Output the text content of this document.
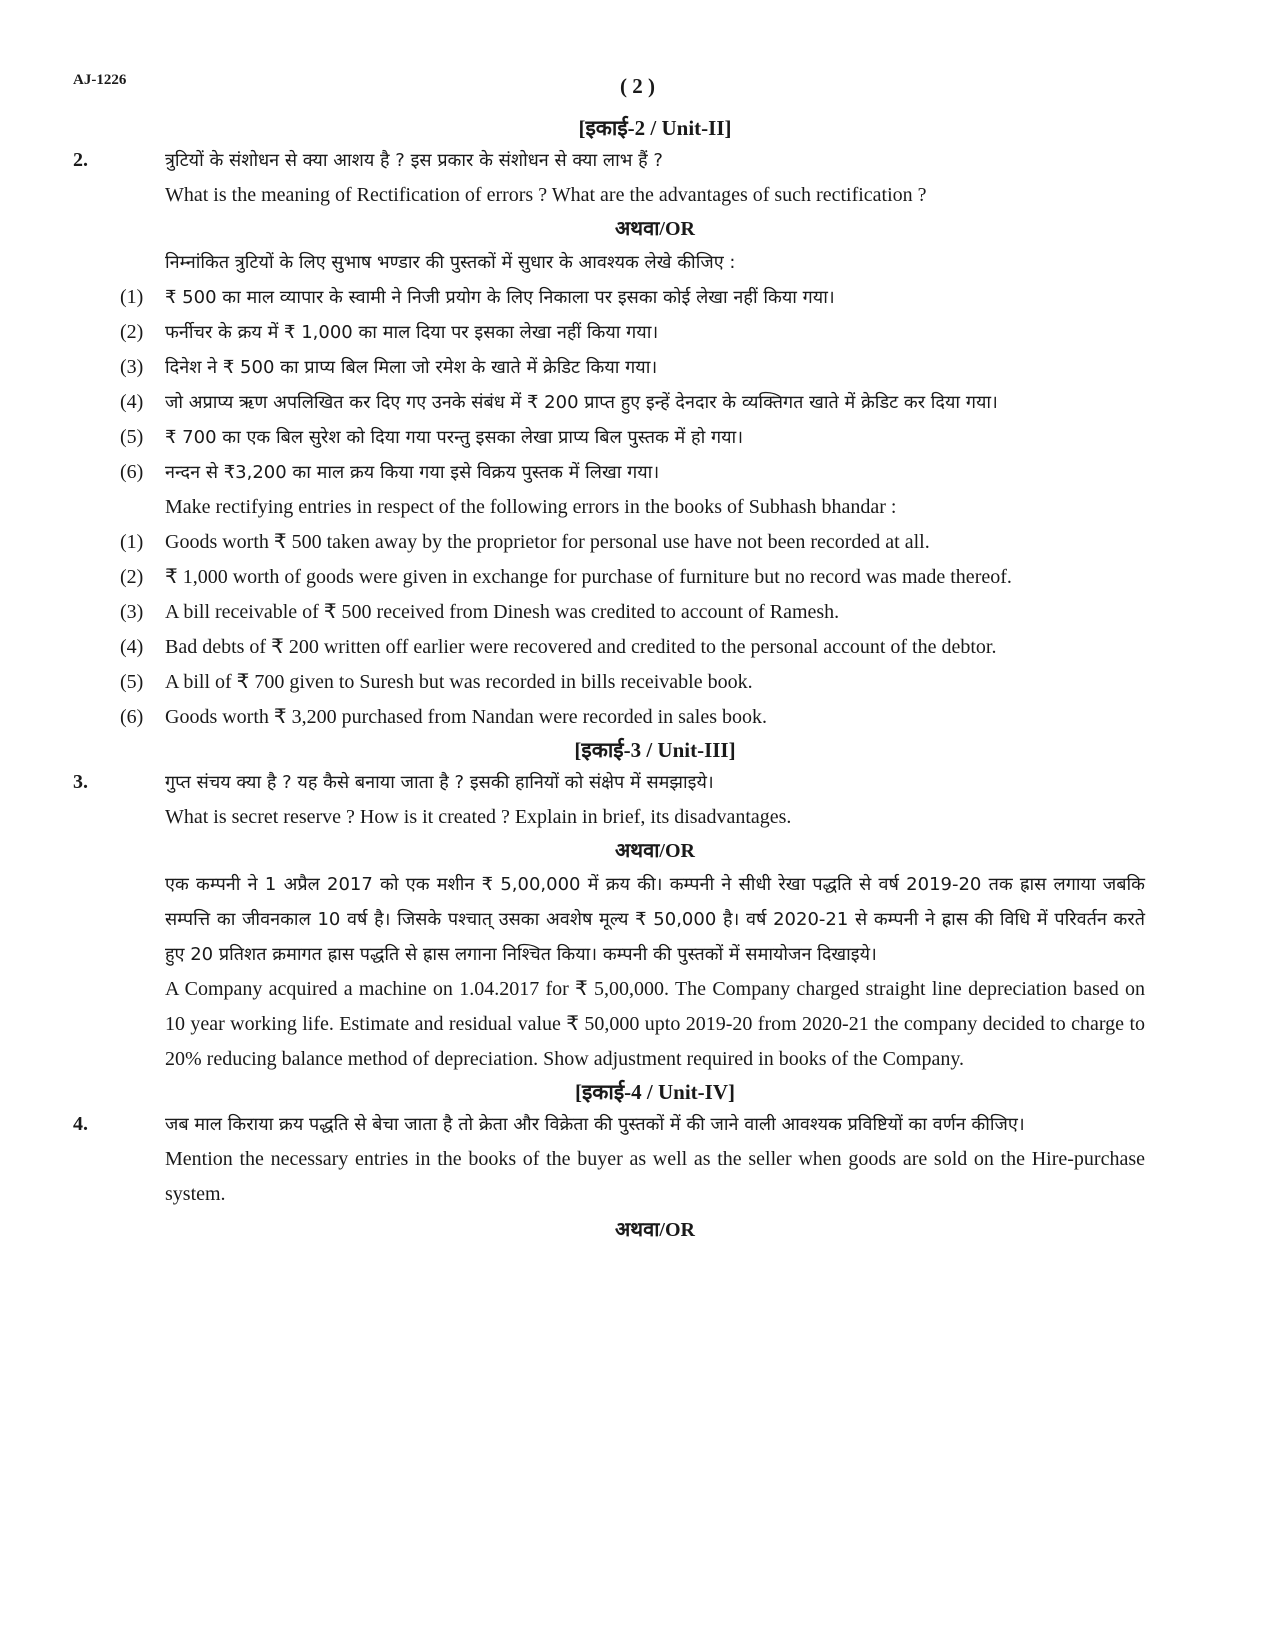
AJ-1226	( 2 )
[इकाई-2 / Unit-II]
2.	त्रुटियों के संशोधन से क्या आशय है ? इस प्रकार के संशोधन से क्या लाभ हैं ?

What is the meaning of Rectification of errors ? What are the advantages of such rectification ?

अथवा/OR

निम्नांकित त्रुटियों के लिए सुभाष भण्डार की पुस्तकों में सुधार के आवश्यक लेखे कीजिए :

(1) ₹ 500 का माल व्यापार के स्वामी ने निजी प्रयोग के लिए निकाला पर इसका कोई लेखा नहीं किया गया।

(2) फर्नीचर के क्रय में ₹ 1,000 का माल दिया पर इसका लेखा नहीं किया गया।

(3) दिनेश ने ₹ 500 का प्राप्य बिल मिला जो रमेश के खाते में क्रेडिट किया गया।

(4) जो अप्राप्य ऋण अपलिखित कर दिए गए उनके संबंध में ₹ 200 प्राप्त हुए इन्हें देनदार के व्यक्तिगत खाते में क्रेडिट कर दिया गया।

(5) ₹ 700 का एक बिल सुरेश को दिया गया परन्तु इसका लेखा प्राप्य बिल पुस्तक में हो गया।

(6) नन्दन से ₹3,200 का माल क्रय किया गया इसे विक्रय पुस्तक में लिखा गया।

Make rectifying entries in respect of the following errors in the books of Subhash bhandar :

(1) Goods worth ₹ 500 taken away by the proprietor for personal use have not been recorded at all.

(2) ₹ 1,000 worth of goods were given in exchange for purchase of furniture but no record was made thereof.

(3) A bill receivable of ₹ 500 received from Dinesh was credited to account of Ramesh.

(4) Bad debts of ₹ 200 written off earlier were recovered and credited to the personal account of the debtor.

(5) A bill of ₹ 700 given to Suresh but was recorded in bills receivable book.

(6) Goods worth ₹ 3,200 purchased from Nandan were recorded in sales book.

[इकाई-3 / Unit-III]
3.	गुप्त संचय क्या है ? यह कैसे बनाया जाता है ? इसकी हानियों को संक्षेप में समझाइये।

What is secret reserve ? How is it created ? Explain in brief, its disadvantages.

अथवा/OR

एक कम्पनी ने 1 अप्रैल 2017 को एक मशीन ₹ 5,00,000 में क्रय की। कम्पनी ने सीधी रेखा पद्धति से वर्ष 2019-20 तक ह्रास लगाया जबकि सम्पत्ति का जीवनकाल 10 वर्ष है। जिसके पश्चात् उसका अवशेष मूल्य ₹ 50,000 है। वर्ष 2020-21 से कम्पनी ने ह्रास की विधि में परिवर्तन करते हुए 20 प्रतिशत क्रमागत ह्रास पद्धति से ह्रास लगाना निश्चित किया। कम्पनी की पुस्तकों में समायोजन दिखाइये।

A Company acquired a machine on 1.04.2017 for ₹ 5,00,000. The Company charged straight line depreciation based on 10 year working life. Estimate and residual value ₹ 50,000 upto 2019-20 from 2020-21 the company decided to charge to 20% reducing balance method of depreciation. Show adjustment required in books of the Company.

[इकाई-4 / Unit-IV]
4.	जब माल किराया क्रय पद्धति से बेचा जाता है तो क्रेता और विक्रेता की पुस्तकों में की जाने वाली आवश्यक प्रविष्टियों का वर्णन कीजिए।

Mention the necessary entries in the books of the buyer as well as the seller when goods are sold on the Hire-purchase system.

अथवा/OR
